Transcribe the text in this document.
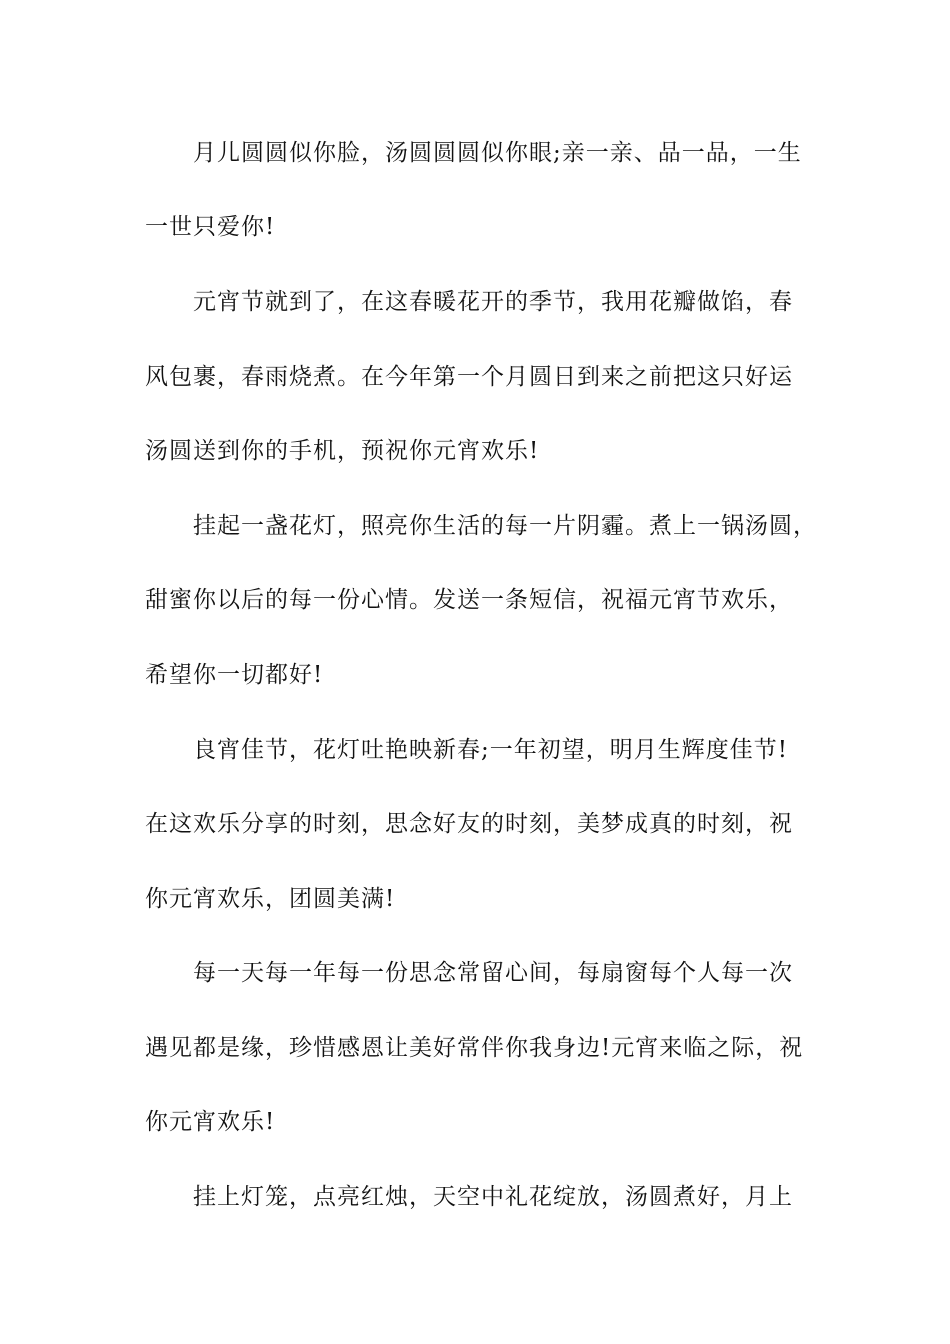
月儿圆圆似你脸，汤圆圆圆似你眼;亲一亲、品一品，一生
一世只爱你!
元宵节就到了，在这春暖花开的季节，我用花瓣做馅，春
风包裹，春雨烧煮。在今年第一个月圆日到来之前把这只好运
汤圆送到你的手机，预祝你元宵欢乐!
挂起一盏花灯，照亮你生活的每一片阴霾。煮上一锅汤圆，
甜蜜你以后的每一份心情。发送一条短信，祝福元宵节欢乐，
希望你一切都好!
良宵佳节，花灯吐艳映新春;一年初望，明月生辉度佳节!
在这欢乐分享的时刻，思念好友的时刻，美梦成真的时刻，祝
你元宵欢乐，团圆美满!
每一天每一年每一份思念常留心间，每扇窗每个人每一次
遇见都是缘，珍惜感恩让美好常伴你我身边!元宵来临之际，祝
你元宵欢乐!
挂上灯笼，点亮红烛，天空中礼花绽放，汤圆煮好，月上
